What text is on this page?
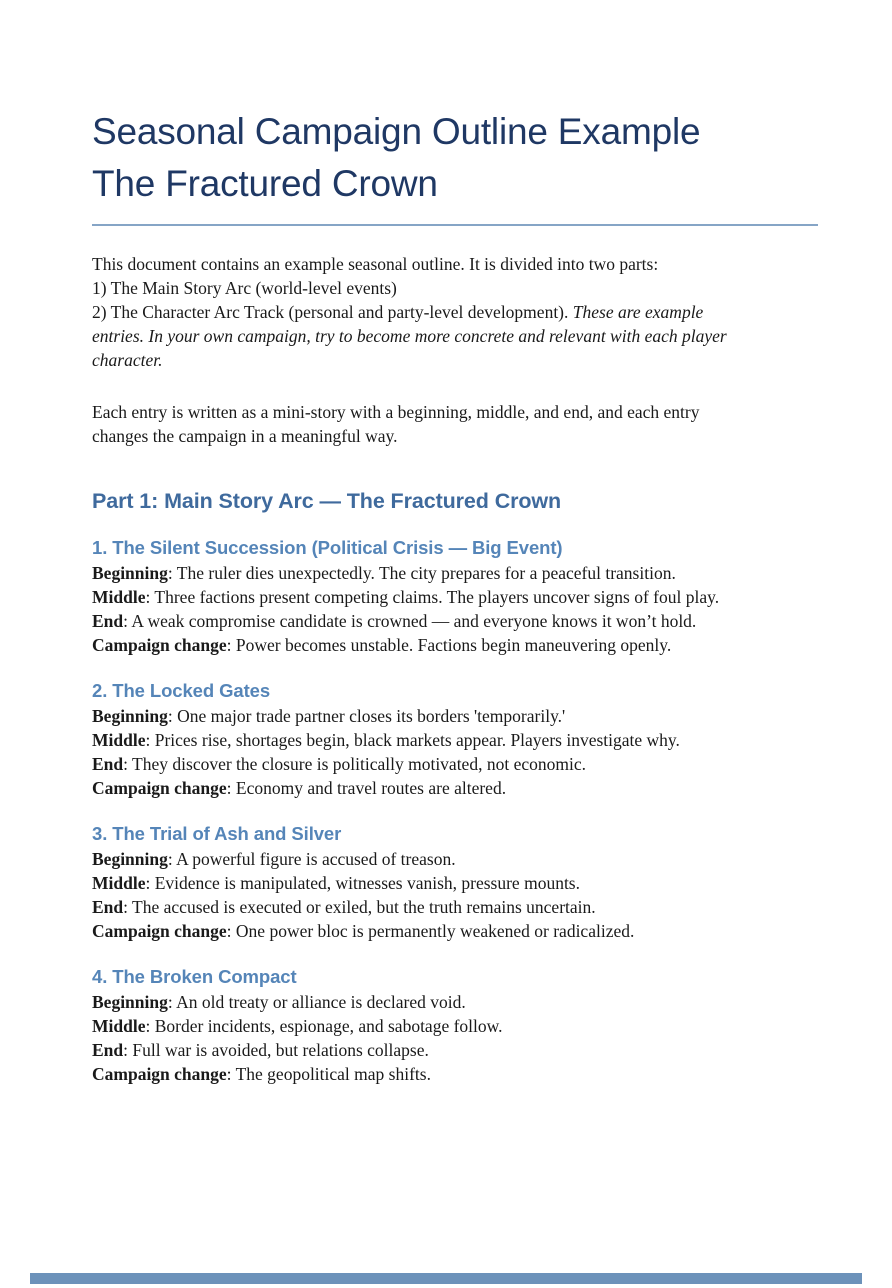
Seasonal Campaign Outline Example
The Fractured Crown

This document contains an example seasonal outline. It is divided into two parts:
1) The Main Story Arc (world-level events)
2) The Character Arc Track (personal and party-level development). These are example
entries. In your own campaign, try to become more concrete and relevant with each player
character.

Each entry is written as a mini-story with a beginning, middle, and end, and each entry
changes the campaign in a meaningful way.

Part 1: Main Story Arc — The Fractured Crown
1. The Silent Succession (Political Crisis — Big Event)
Beginning: The ruler dies unexpectedly. The city prepares for a peaceful transition.
Middle: Three factions present competing claims. The players uncover signs of foul play.
End: A weak compromise candidate is crowned — and everyone knows it won’t hold.
Campaign change: Power becomes unstable. Factions begin maneuvering openly.
2. The Locked Gates
Beginning: One major trade partner closes its borders 'temporarily.'
Middle: Prices rise, shortages begin, black markets appear. Players investigate why.
End: They discover the closure is politically motivated, not economic.
Campaign change: Economy and travel routes are altered.
3. The Trial of Ash and Silver
Beginning: A powerful figure is accused of treason.
Middle: Evidence is manipulated, witnesses vanish, pressure mounts.
End: The accused is executed or exiled, but the truth remains uncertain.
Campaign change: One power bloc is permanently weakened or radicalized.
4. The Broken Compact
Beginning: An old treaty or alliance is declared void.
Middle: Border incidents, espionage, and sabotage follow.
End: Full war is avoided, but relations collapse.
Campaign change: The geopolitical map shifts.
